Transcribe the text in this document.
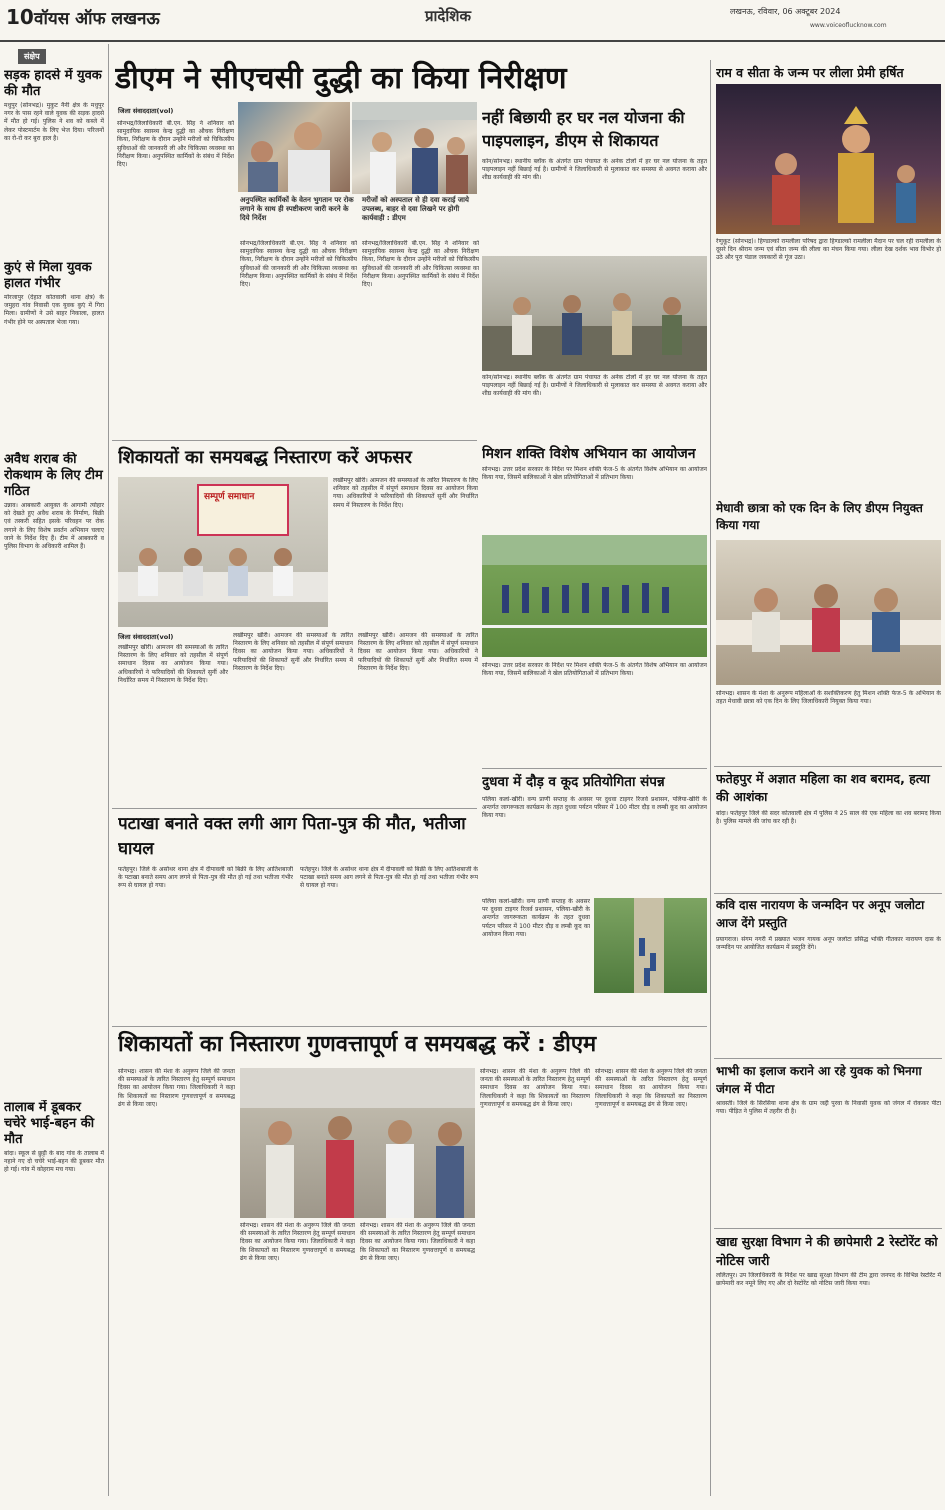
10 वॉयस ऑफ लखनऊ	प्रादेशिक	लखनऊ, रविवार, 06 अक्टूबर 2024
www.voiceoflucknow.com
संक्षेप
सड़क हादसे में युवक की मौत
मधुपुर (सोनभद्र)। मुकुट नैनी क्षेत्र के मधुपुर नगर के पास रहने वाले युवक की सड़क हादसे में मौत हो गई। पुलिस ने शव को कब्जे में लेकर पोस्टमार्टम के लिए भेज दिया। परिजनों का रो-रो कर बुरा हाल है।
कुएं से मिला युवक हालत गंभीर
मोरजापुर (देहात कोतवाली थाना क्षेत्र) के जमुहरा गांव निवासी एक युवक कुएं में गिरा मिला। ग्रामीणों ने उसे बाहर निकाला, हालत गंभीर होने पर अस्पताल भेजा गया।
अवैध शराब की रोकथाम के लिए टीम गठित
उन्नाव। आबकारी आयुक्त के आगामी त्योहार को देखते हुए अवैध शराब के निर्माण, बिक्री एवं तस्करी सहित इसके परिवहन पर रोक लगाने के लिए विशेष प्रवर्तन अभियान चलाए जाने के निर्देश दिए हैं। टीम में आबकारी व पुलिस विभाग के अधिकारी शामिल हैं।
तालाब में डूबकर चचेरे भाई-बहन की मौत
बांदा। स्कूल से छुट्टी के बाद गांव के तालाब में नहाने गए दो चचेरे भाई-बहन की डूबकर मौत हो गई। गांव में कोहराम मच गया।
डीएम ने सीएचसी दुद्धी का किया निरीक्षण
जिला संवाददाता(vol)
अनुपस्थित कार्मिकों के वेतन भुगतान पर रोक लगाने के साथ ही स्पष्टीकरण जारी करने के दिये निर्देश
मरीजों को अस्पताल से ही दवा कराई जाये उपलब्ध, बाहर से दवा लिखने पर होगी कार्यवाही : डीएम
सोनभद्र/जिलाधिकारी बी.एन. सिंह ने शनिवार को सामुदायिक स्वास्थ्य केन्द्र दुद्धी का औचक निरीक्षण किया, निरीक्षण के दौरान उन्होंने मरीजों को चिकित्सीय सुविधाओं की जानकारी ली और चिकित्सा व्यवस्था का निरीक्षण किया। अनुपस्थित कार्मिकों के संबंध में निर्देश दिए।
सोनभद्र/जिलाधिकारी बी.एन. सिंह ने शनिवार को सामुदायिक स्वास्थ्य केन्द्र दुद्धी का औचक निरीक्षण किया, निरीक्षण के दौरान उन्होंने मरीजों को चिकित्सीय सुविधाओं की जानकारी ली और चिकित्सा व्यवस्था का निरीक्षण किया। अनुपस्थित कार्मिकों के संबंध में निर्देश दिए।
सोनभद्र/जिलाधिकारी बी.एन. सिंह ने शनिवार को सामुदायिक स्वास्थ्य केन्द्र दुद्धी का औचक निरीक्षण किया, निरीक्षण के दौरान उन्होंने मरीजों को चिकित्सीय सुविधाओं की जानकारी ली और चिकित्सा व्यवस्था का निरीक्षण किया। अनुपस्थित कार्मिकों के संबंध में निर्देश दिए।
नहीं बिछायी हर घर नल योजना की पाइपलाइन, डीएम से शिकायत
कोन/सोनभद्र। स्थानीय ब्लॉक के अंतर्गत ग्राम पंचायत के अनेक टोलों में हर घर नल योजना के तहत पाइपलाइन नहीं बिछाई गई है। ग्रामीणों ने जिलाधिकारी से मुलाकात कर समस्या से अवगत कराया और शीघ्र कार्यवाही की मांग की।
कोन/सोनभद्र। स्थानीय ब्लॉक के अंतर्गत ग्राम पंचायत के अनेक टोलों में हर घर नल योजना के तहत पाइपलाइन नहीं बिछाई गई है। ग्रामीणों ने जिलाधिकारी से मुलाकात कर समस्या से अवगत कराया और शीघ्र कार्यवाही की मांग की।
शिकायतों का समयबद्ध निस्तारण करें अफसर
सम्पूर्ण समाधान
लखीमपुर खीरी। आमजन की समस्याओं के त्वरित निस्तारण के लिए शनिवार को तहसील में संपूर्ण समाधान दिवस का आयोजन किया गया। अधिकारियों ने फरियादियों की शिकायतें सुनीं और निर्धारित समय में निस्तारण के निर्देश दिए।
जिला संवाददाता(vol)
लखीमपुर खीरी। आमजन की समस्याओं के त्वरित निस्तारण के लिए शनिवार को तहसील में संपूर्ण समाधान दिवस का आयोजन किया गया। अधिकारियों ने फरियादियों की शिकायतें सुनीं और निर्धारित समय में निस्तारण के निर्देश दिए।
लखीमपुर खीरी। आमजन की समस्याओं के त्वरित निस्तारण के लिए शनिवार को तहसील में संपूर्ण समाधान दिवस का आयोजन किया गया। अधिकारियों ने फरियादियों की शिकायतें सुनीं और निर्धारित समय में निस्तारण के निर्देश दिए।
लखीमपुर खीरी। आमजन की समस्याओं के त्वरित निस्तारण के लिए शनिवार को तहसील में संपूर्ण समाधान दिवस का आयोजन किया गया। अधिकारियों ने फरियादियों की शिकायतें सुनीं और निर्धारित समय में निस्तारण के निर्देश दिए।
मिशन शक्ति विशेष अभियान का आयोजन
सोनभद्र। उत्तर प्रदेश सरकार के निर्देश पर मिशन शक्ति फेज-5 के अंतर्गत विशेष अभियान का आयोजन किया गया, जिसमें बालिकाओं ने खेल प्रतियोगिताओं में प्रतिभाग किया।
सोनभद्र। उत्तर प्रदेश सरकार के निर्देश पर मिशन शक्ति फेज-5 के अंतर्गत विशेष अभियान का आयोजन किया गया, जिसमें बालिकाओं ने खेल प्रतियोगिताओं में प्रतिभाग किया।
पटाखा बनाते वक्त लगी आग पिता-पुत्र की मौत, भतीजा घायल
फतेहपुर। जिले के असोथर थाना क्षेत्र में दीपावली को बिक्री के लिए आतिशबाजी के पटाखा बनाते समय आग लगने से पिता-पुत्र की मौत हो गई तथा भतीजा गंभीर रूप से घायल हो गया।
फतेहपुर। जिले के असोथर थाना क्षेत्र में दीपावली को बिक्री के लिए आतिशबाजी के पटाखा बनाते समय आग लगने से पिता-पुत्र की मौत हो गई तथा भतीजा गंभीर रूप से घायल हो गया।
दुधवा में दौड़ व कूद प्रतियोगिता संपन्न
पलिया कलां-खीरी। वन्य प्राणी सप्ताह के अवसर पर दुधवा टाइगर रिजर्व प्रशासन, पलिया-खीरी के अन्तर्गत जागरूकता कार्यक्रम के तहत दुधवा पर्यटन परिसर में 100 मीटर दौड़ व लम्बी कूद का आयोजन किया गया।
पलिया कलां-खीरी। वन्य प्राणी सप्ताह के अवसर पर दुधवा टाइगर रिजर्व प्रशासन, पलिया-खीरी के अन्तर्गत जागरूकता कार्यक्रम के तहत दुधवा पर्यटन परिसर में 100 मीटर दौड़ व लम्बी कूद का आयोजन किया गया।
शिकायतों का निस्तारण गुणवत्तापूर्ण व समयबद्ध करें : डीएम
सोनभद्र। शासन की मंशा के अनुरूप जिले की जनता की समस्याओं के त्वरित निस्तारण हेतु सम्पूर्ण समाधान दिवस का आयोजन किया गया। जिलाधिकारी ने कहा कि शिकायतों का निस्तारण गुणवत्तापूर्ण व समयबद्ध ढंग से किया जाए।
सोनभद्र। शासन की मंशा के अनुरूप जिले की जनता की समस्याओं के त्वरित निस्तारण हेतु सम्पूर्ण समाधान दिवस का आयोजन किया गया। जिलाधिकारी ने कहा कि शिकायतों का निस्तारण गुणवत्तापूर्ण व समयबद्ध ढंग से किया जाए।
सोनभद्र। शासन की मंशा के अनुरूप जिले की जनता की समस्याओं के त्वरित निस्तारण हेतु सम्पूर्ण समाधान दिवस का आयोजन किया गया। जिलाधिकारी ने कहा कि शिकायतों का निस्तारण गुणवत्तापूर्ण व समयबद्ध ढंग से किया जाए।
सोनभद्र। शासन की मंशा के अनुरूप जिले की जनता की समस्याओं के त्वरित निस्तारण हेतु सम्पूर्ण समाधान दिवस का आयोजन किया गया। जिलाधिकारी ने कहा कि शिकायतों का निस्तारण गुणवत्तापूर्ण व समयबद्ध ढंग से किया जाए।
सोनभद्र। शासन की मंशा के अनुरूप जिले की जनता की समस्याओं के त्वरित निस्तारण हेतु सम्पूर्ण समाधान दिवस का आयोजन किया गया। जिलाधिकारी ने कहा कि शिकायतों का निस्तारण गुणवत्तापूर्ण व समयबद्ध ढंग से किया जाए।
राम व सीता के जन्म पर लीला प्रेमी हर्षित
रेणुकूट (सोनभद्र)। हिण्डाल्को रामलीला परिषद द्वारा हिण्डाल्को रामलीला मैदान पर चल रही रामलीला के दूसरे दिन श्रीराम जन्म एवं सीता जन्म की लीला का मंचन किया गया। लीला देख दर्शक भाव विभोर हो उठे और पूरा पंडाल जयकारों से गूंज उठा।
मेधावी छात्रा को एक दिन के लिए डीएम नियुक्त किया गया
सोनभद्र। शासन के मंशा के अनुरूप महिलाओं के सशक्तिकरण हेतु मिशन शक्ति फेज-5 के अभियान के तहत मेधावी छात्रा को एक दिन के लिए जिलाधिकारी नियुक्त किया गया।
फतेहपुर में अज्ञात महिला का शव बरामद, हत्या की आशंका
बांदा। फतेहपुर जिले की सदर कोतवाली क्षेत्र में पुलिस ने 25 साल की एक महिला का शव बरामद किया है। पुलिस मामले की जांच कर रही है।
कवि दास नारायण के जन्मदिन पर अनूप जलोटा आज देंगे प्रस्तुति
प्रयागराज। संगम नगरी में प्रख्यात भजन गायक अनूप जलोटा प्रसिद्ध भक्ति गीतकार नारायण दास के जन्मदिन पर आयोजित कार्यक्रम में प्रस्तुति देंगे।
भाभी का इलाज कराने आ रहे युवक को भिनगा जंगल में पीटा
श्रावस्ती। जिले के सिरसिया थाना क्षेत्र के ग्राम जद्दी पुरवा के निवासी युवक को जंगल में रोककर पीटा गया। पीड़ित ने पुलिस में तहरीर दी है।
खाद्य सुरक्षा विभाग ने की छापेमारी 2 रेस्टोरेंट को नोटिस जारी
ललितपुर। उप जिलाधिकारी के निर्देश पर खाद्य सुरक्षा विभाग की टीम द्वारा जनपद के विभिन्न रेस्टोरेंट में छापेमारी कर नमूने लिए गए और दो रेस्टोरेंट को नोटिस जारी किया गया।
